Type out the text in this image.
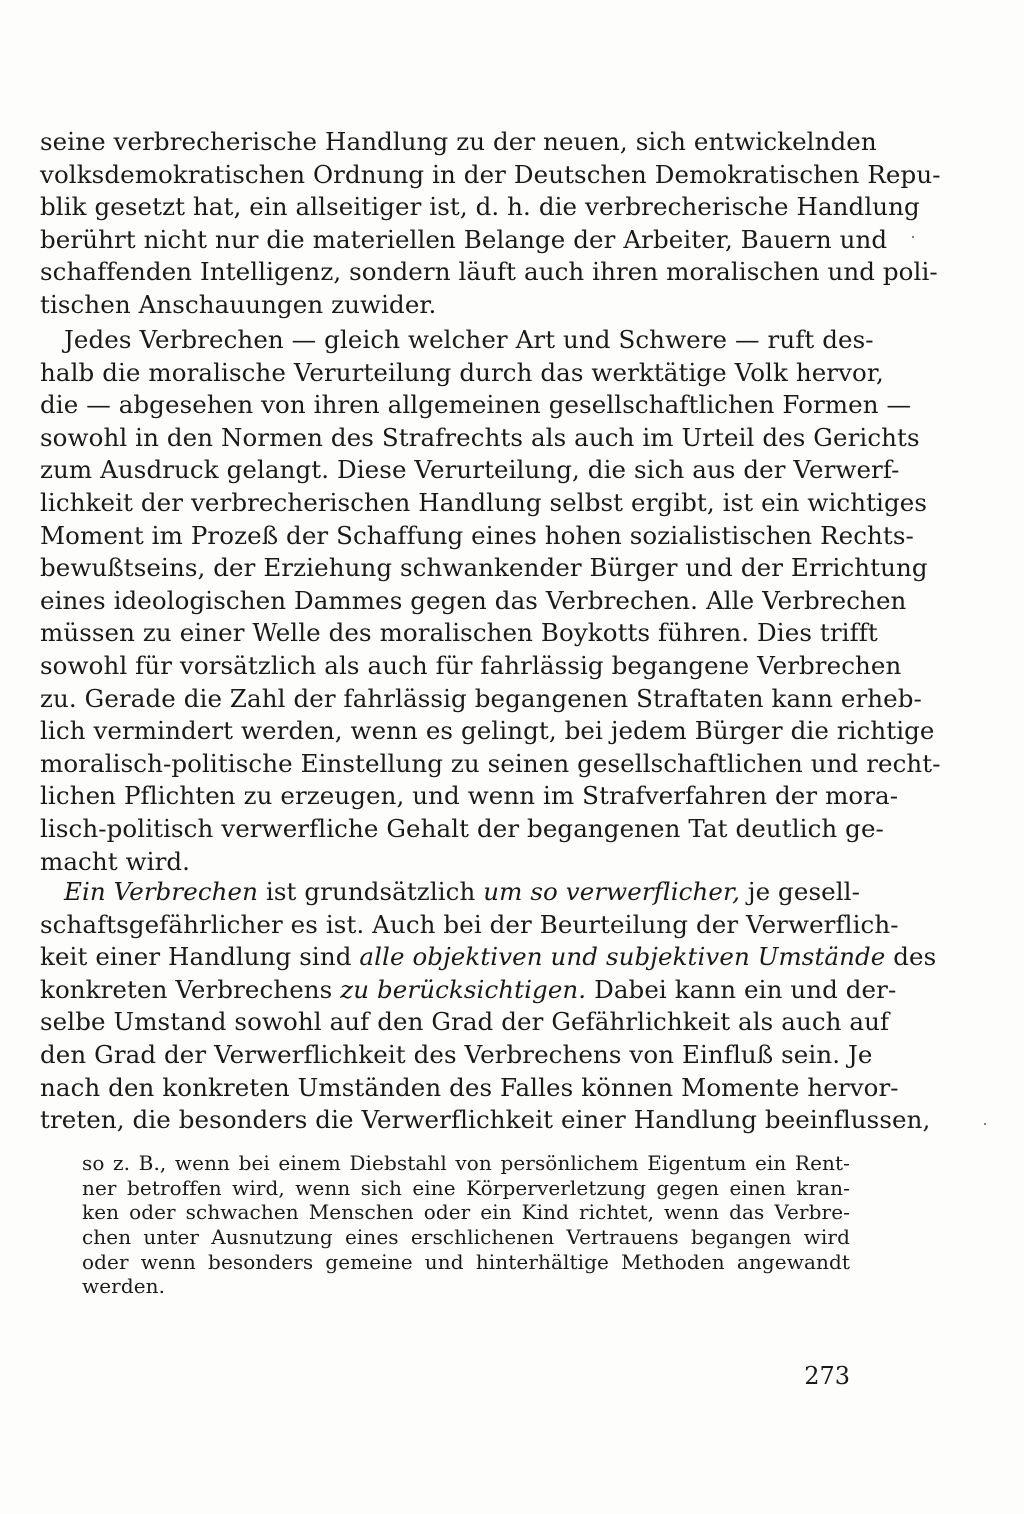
seine verbrecherische Handlung zu der neuen, sich entwickelnden
volksdemokratischen Ordnung in der Deutschen Demokratischen Repu-
blik gesetzt hat, ein allseitiger ist, d. h. die verbrecherische Handlung
berührt nicht nur die materiellen Belange der Arbeiter, Bauern und
schaffenden Intelligenz, sondern läuft auch ihren moralischen und poli-
tischen Anschauungen zuwider.
Jedes Verbrechen — gleich welcher Art und Schwere — ruft des-
halb die moralische Verurteilung durch das werktätige Volk hervor,
die — abgesehen von ihren allgemeinen gesellschaftlichen Formen —
sowohl in den Normen des Strafrechts als auch im Urteil des Gerichts
zum Ausdruck gelangt. Diese Verurteilung, die sich aus der Verwerf-
lichkeit der verbrecherischen Handlung selbst ergibt, ist ein wichtiges
Moment im Prozeß der Schaffung eines hohen sozialistischen Rechts-
bewußtseins, der Erziehung schwankender Bürger und der Errichtung
eines ideologischen Dammes gegen das Verbrechen. Alle Verbrechen
müssen zu einer Welle des moralischen Boykotts führen. Dies trifft
sowohl für vorsätzlich als auch für fahrlässig begangene Verbrechen
zu. Gerade die Zahl der fahrlässig begangenen Straftaten kann erheb-
lich vermindert werden, wenn es gelingt, bei jedem Bürger die richtige
moralisch-politische Einstellung zu seinen gesellschaftlichen und recht-
lichen Pflichten zu erzeugen, und wenn im Strafverfahren der mora-
lisch-politisch verwerfliche Gehalt der begangenen Tat deutlich ge-
macht wird.
Ein Verbrechen ist grundsätzlich um so verwerflicher, je gesell-
schaftsgefährlicher es ist. Auch bei der Beurteilung der Verwerflich-
keit einer Handlung sind alle objektiven und subjektiven Umstände des
konkreten Verbrechens zu berücksichtigen. Dabei kann ein und der-
selbe Umstand sowohl auf den Grad der Gefährlichkeit als auch auf
den Grad der Verwerflichkeit des Verbrechens von Einfluß sein. Je
nach den konkreten Umständen des Falles können Momente hervor-
treten, die besonders die Verwerflichkeit einer Handlung beeinflussen,
so z. B., wenn bei einem Diebstahl von persönlichem Eigentum ein Rent-
ner betroffen wird, wenn sich eine Körperverletzung gegen einen kran-
ken oder schwachen Menschen oder ein Kind richtet, wenn das Verbre-
chen unter Ausnutzung eines erschlichenen Vertrauens begangen wird
oder wenn besonders gemeine und hinterhältige Methoden angewandt
werden.
273
